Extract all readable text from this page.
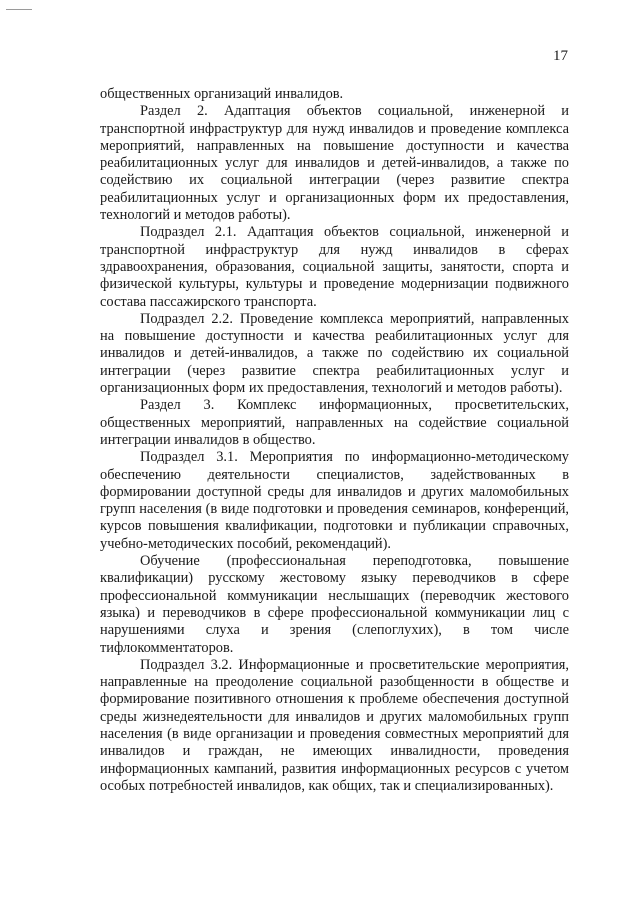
17

общественных организаций инвалидов.

Раздел 2. Адаптация объектов социальной, инженерной и транспортной инфраструктур для нужд инвалидов и проведение комплекса мероприятий, направленных на повышение доступности и качества реабилитационных услуг для инвалидов и детей-инвалидов, а также по содействию их социальной интеграции (через развитие спектра реабилитационных услуг и организационных форм их предоставления, технологий и методов работы).

Подраздел 2.1. Адаптация объектов социальной, инженерной и транспортной инфраструктур для нужд инвалидов в сферах здравоохранения, образования, социальной защиты, занятости, спорта и физической культуры, культуры и проведение модернизации подвижного состава пассажирского транспорта.

Подраздел 2.2. Проведение комплекса мероприятий, направленных на повышение доступности и качества реабилитационных услуг для инвалидов и детей-инвалидов, а также по содействию их социальной интеграции (через развитие спектра реабилитационных услуг и организационных форм их предоставления, технологий и методов работы).

Раздел 3. Комплекс информационных, просветительских, общественных мероприятий, направленных на содействие социальной интеграции инвалидов в общество.

Подраздел 3.1. Мероприятия по информационно-методическому обеспечению деятельности специалистов, задействованных в формировании доступной среды для инвалидов и других маломобильных групп населения (в виде подготовки и проведения семинаров, конференций, курсов повышения квалификации, подготовки и публикации справочных, учебно-методических пособий, рекомендаций).

Обучение (профессиональная переподготовка, повышение квалификации) русскому жестовому языку переводчиков в сфере профессиональной коммуникации неслышащих (переводчик жестового языка) и переводчиков в сфере профессиональной коммуникации лиц с нарушениями слуха и зрения (слепоглухих), в том числе тифлокомментаторов.

Подраздел 3.2. Информационные и просветительские мероприятия, направленные на преодоление социальной разобщенности в обществе и формирование позитивного отношения к проблеме обеспечения доступной среды жизнедеятельности для инвалидов и других маломобильных групп населения (в виде организации и проведения совместных мероприятий для инвалидов и граждан, не имеющих инвалидности, проведения информационных кампаний, развития информационных ресурсов с учетом особых потребностей инвалидов, как общих, так и специализированных).
